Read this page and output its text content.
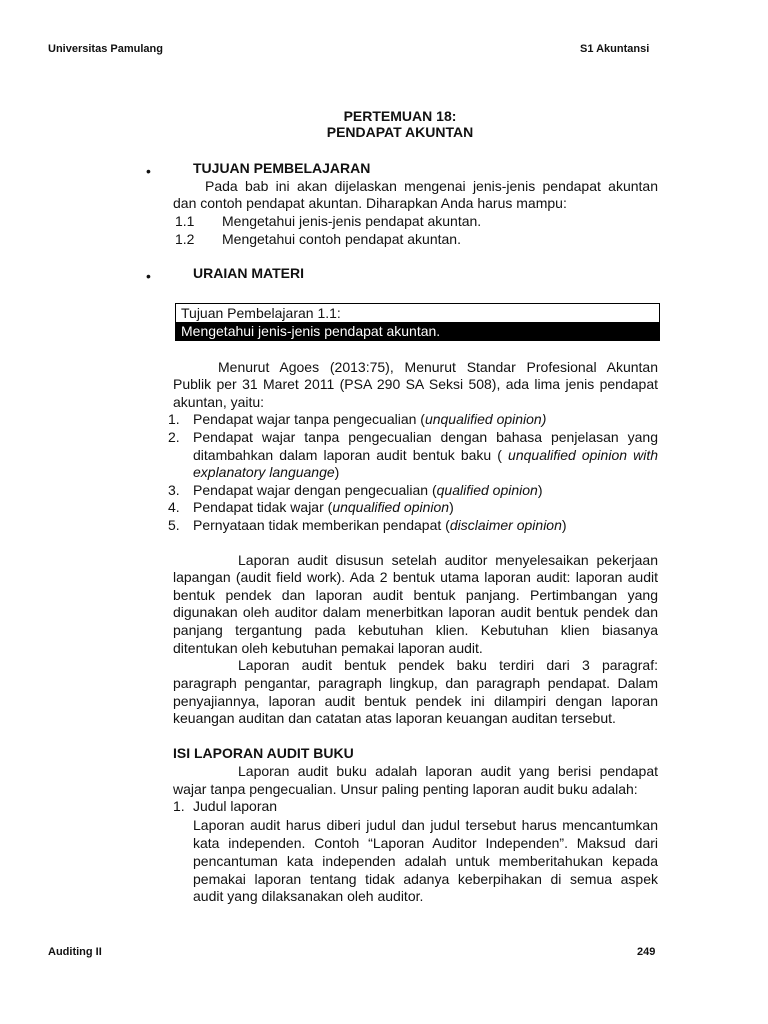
Universitas Pamulang	S1 Akuntansi
PERTEMUAN 18:
PENDAPAT AKUNTAN
•	TUJUAN PEMBELAJARAN
Pada bab ini akan dijelaskan mengenai jenis-jenis pendapat akuntan
dan contoh pendapat akuntan. Diharapkan Anda harus mampu:
1.1 Mengetahui jenis-jenis pendapat akuntan.
1.2 Mengetahui contoh pendapat akuntan.
•	URAIAN MATERI
Tujuan Pembelajaran 1.1:
Mengetahui jenis-jenis pendapat akuntan.
Menurut Agoes (2013:75), Menurut Standar Profesional Akuntan
Publik per 31 Maret 2011 (PSA 290 SA Seksi 508), ada lima jenis pendapat
akuntan, yaitu:
1. Pendapat wajar tanpa pengecualian (unqualified opinion)
2. Pendapat wajar tanpa pengecualian dengan bahasa penjelasan yang
ditambahkan dalam laporan audit bentuk baku ( unqualified opinion with
explanatory languange)
3. Pendapat wajar dengan pengecualian (qualified opinion)
4. Pendapat tidak wajar (unqualified opinion)
5. Pernyataan tidak memberikan pendapat (disclaimer opinion)
Laporan audit disusun setelah auditor menyelesaikan pekerjaan
lapangan (audit field work). Ada 2 bentuk utama laporan audit: laporan audit
bentuk pendek dan laporan audit bentuk panjang. Pertimbangan yang
digunakan oleh auditor dalam menerbitkan laporan audit bentuk pendek dan
panjang tergantung pada kebutuhan klien. Kebutuhan klien biasanya
ditentukan oleh kebutuhan pemakai laporan audit.
Laporan audit bentuk pendek baku terdiri dari 3 paragraf:
paragraph pengantar, paragraph lingkup, dan paragraph pendapat. Dalam
penyajiannya, laporan audit bentuk pendek ini dilampiri dengan laporan
keuangan auditan dan catatan atas laporan keuangan auditan tersebut.
ISI LAPORAN AUDIT BUKU
Laporan audit buku adalah laporan audit yang berisi pendapat
wajar tanpa pengecualian. Unsur paling penting laporan audit buku adalah:
1. Judul laporan
Laporan audit harus diberi judul dan judul tersebut harus mencantumkan
kata independen. Contoh “Laporan Auditor Independen”. Maksud dari
pencantuman kata independen adalah untuk memberitahukan kepada
pemakai laporan tentang tidak adanya keberpihakan di semua aspek
audit yang dilaksanakan oleh auditor.
Auditing II	249
